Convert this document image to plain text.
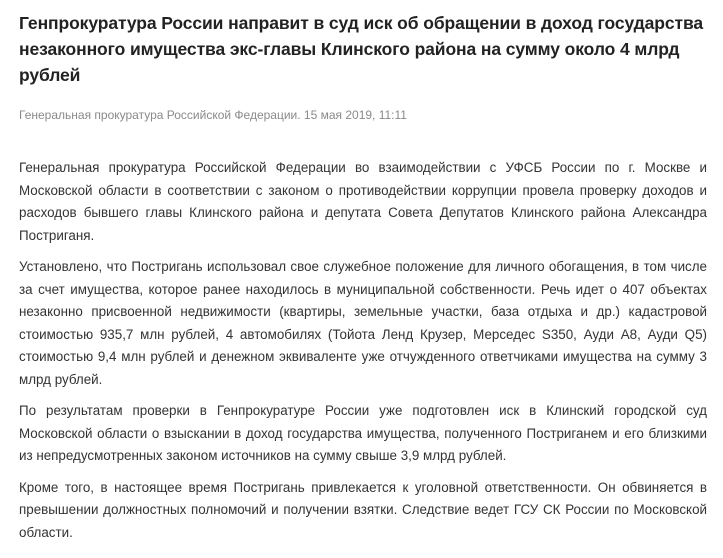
Генпрокуратура России направит в суд иск об обращении в доход государства незаконного имущества экс-главы Клинского района на сумму около 4 млрд рублей
Генеральная прокуратура Российской Федерации. 15 мая 2019, 11:11

Генеральная прокуратура Российской Федерации во взаимодействии с УФСБ России по г. Москве и Московской области в соответствии с законом о противодействии коррупции провела проверку доходов и расходов бывшего главы Клинского района и депутата Совета Депутатов Клинского района Александра Постриганя.

Установлено, что Постригань использовал свое служебное положение для личного обогащения, в том числе за счет имущества, которое ранее находилось в муниципальной собственности. Речь идет о 407 объектах незаконно присвоенной недвижимости (квартиры, земельные участки, база отдыха и др.) кадастровой стоимостью 935,7 млн рублей, 4 автомобилях (Тойота Ленд Крузер, Мерседес S350, Ауди А8, Ауди Q5) стоимостью 9,4 млн рублей и денежном эквиваленте уже отчужденного ответчиками имущества на сумму 3 млрд рублей.

По результатам проверки в Генпрокуратуре России уже подготовлен иск в Клинский городской суд Московской области о взыскании в доход государства имущества, полученного Постриганем и его близкими из непредусмотренных законом источников на сумму свыше 3,9 млрд рублей.

Кроме того, в настоящее время Постригань привлекается к уголовной ответственности. Он обвиняется в превышении должностных полномочий и получении взятки. Следствие ведет ГСУ СК России по Московской области.
